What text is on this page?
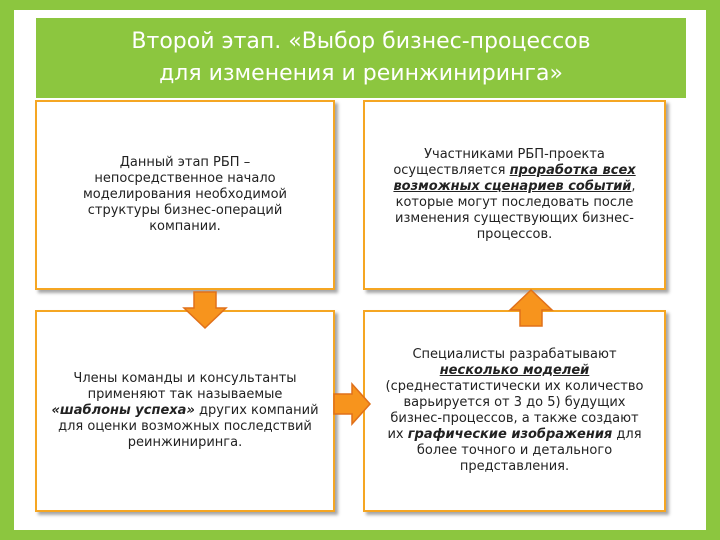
Второй этап. «Выбор бизнес-процессов
для изменения и реинжиниринга»
Данный этап РБП –
непосредственное начало
моделирования необходимой
структуры бизнес-операций
компании.
Участниками РБП-проекта
осуществляется проработка всех
возможных сценариев событий,
которые могут последовать после
изменения существующих бизнес-
процессов.
Члены команды и консультанты
применяют так называемые
«шаблоны успеха» других компаний
для оценки возможных последствий
реинжиниринга.
Специалисты разрабатывают
несколько моделей
(среднестатистически их количество
варьируется от 3 до 5) будущих
бизнес-процессов, а также создают
их графические изображения для
более точного и детального
представления.
